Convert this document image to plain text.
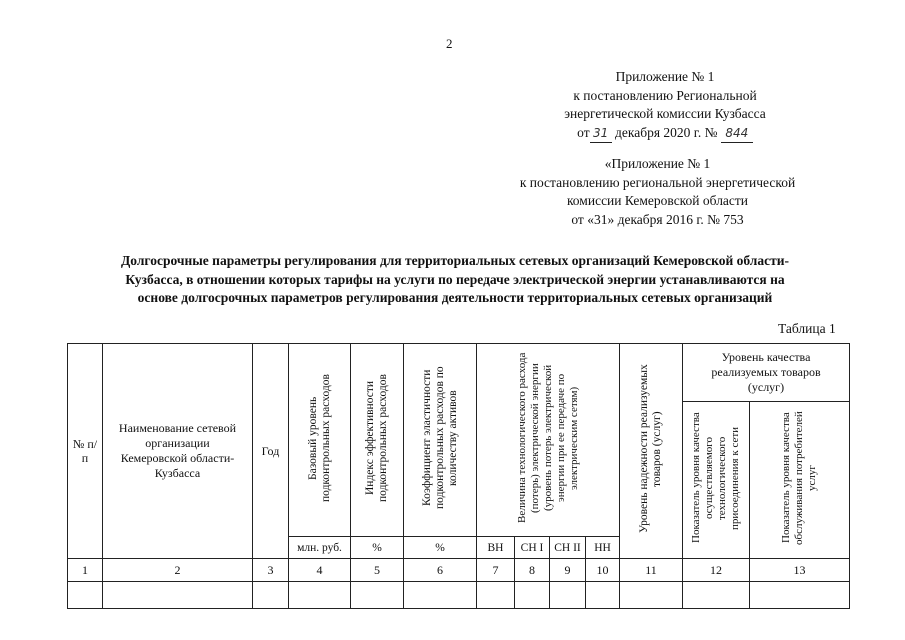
2
Приложение № 1
к постановлению Региональной
энергетической комиссии Кузбасса
от 31 декабря 2020 г. № 844
«Приложение № 1
к постановлению региональной энергетической
комиссии Кемеровской области
от «31» декабря 2016 г. № 753
Долгосрочные параметры регулирования для территориальных сетевых организаций Кемеровской области-
Кузбасса, в отношении которых тарифы на услуги по передаче электрической энергии устанавливаются на
основе долгосрочных параметров регулирования деятельности территориальных сетевых организаций
Таблица 1
№ п/п	Наименование сетевой организации Кемеровской области-Кузбасса	Год	Базовый уровень подконтрольных расходов	Индекс эффективности подконтрольных расходов	Коэффициент эластичности подконтрольных расходов по количеству активов	Величина технологического расхода (потерь) электрической энергии (уровень потерь электрической энергии при ее передаче по электрическим сетям)				Уровень надежности реализуемых товаров (услуг)	Уровень качества реализуемых товаров (услуг)	
											Показатель уровня качества осуществляемого технологического присоединения к сети	Показатель уровня качества обслуживания потребителей услуг
			млн. руб.	%	%	ВН	СН I	СН II	НН			
1	2	3	4	5	6	7	8	9	10	11	12	13
